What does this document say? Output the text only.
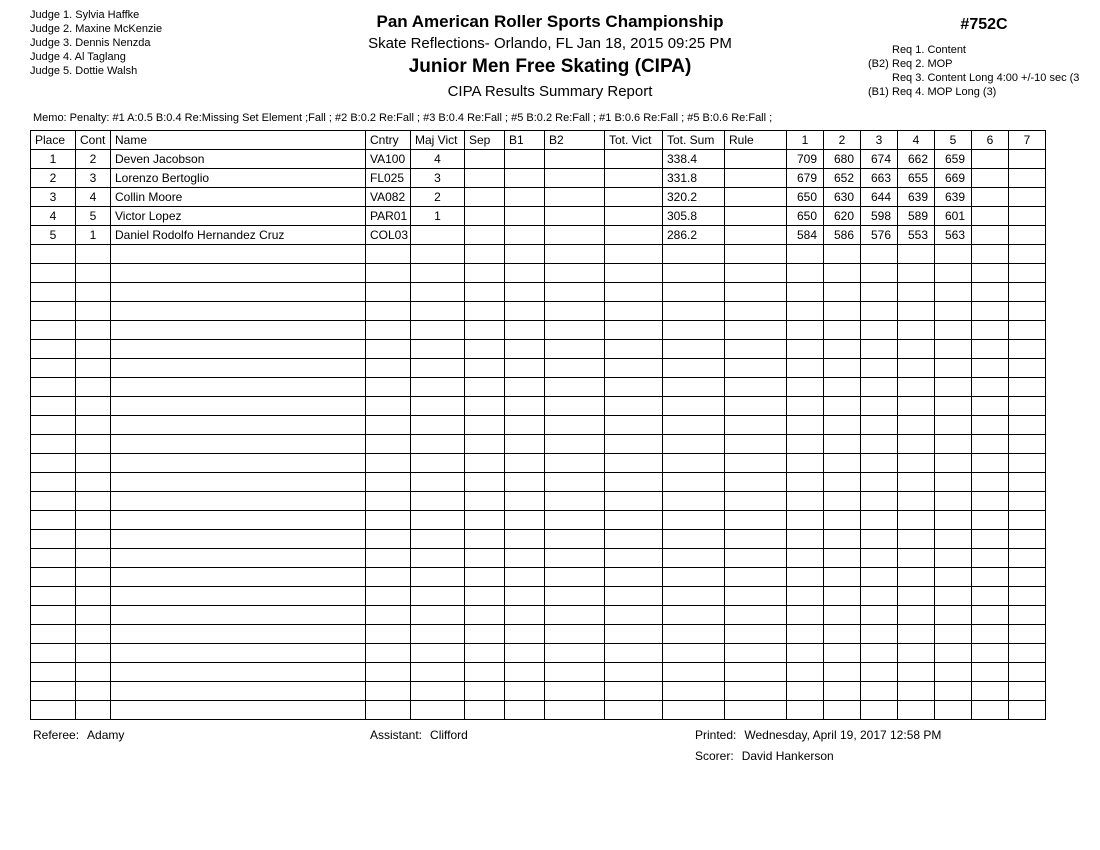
Judge 1. Sylvia Haffke
Judge 2. Maxine McKenzie
Judge 3. Dennis Nenzda
Judge 4. Al Taglang
Judge 5. Dottie Walsh
Pan American Roller Sports Championship
Skate Reflections- Orlando, FL Jan 18, 2015 09:25 PM
Junior Men Free Skating (CIPA)
CIPA Results Summary Report
#752C
Req 1. Content
(B2) Req 2. MOP
Req 3. Content Long 4:00 +/-10 sec (3
(B1) Req 4. MOP Long (3)
Memo: Penalty: #1 A:0.5 B:0.4 Re:Missing Set Element ;Fall ; #2 B:0.2 Re:Fall ; #3 B:0.4 Re:Fall ; #5 B:0.2 Re:Fall ; #1 B:0.6 Re:Fall ; #5 B:0.6 Re:Fall ;
Place	Cont	Name	Cntry	Maj Vict	Sep	B1	B2	Tot. Vict	Tot. Sum	Rule	1	2	3	4	5	6	7
1	2	Deven Jacobson	VA100	4					338.4		709	680	674	662	659		
2	3	Lorenzo Bertoglio	FL025	3					331.8		679	652	663	655	669		
3	4	Collin Moore	VA082	2					320.2		650	630	644	639	639		
4	5	Victor Lopez	PAR01	1					305.8		650	620	598	589	601		
5	1	Daniel Rodolfo Hernandez Cruz	COL03						286.2		584	586	576	553	563		

Referee: Adamy	Assistant: Clifford	Printed: Wednesday, April 19, 2017 12:58 PM
Scorer: David Hankerson
